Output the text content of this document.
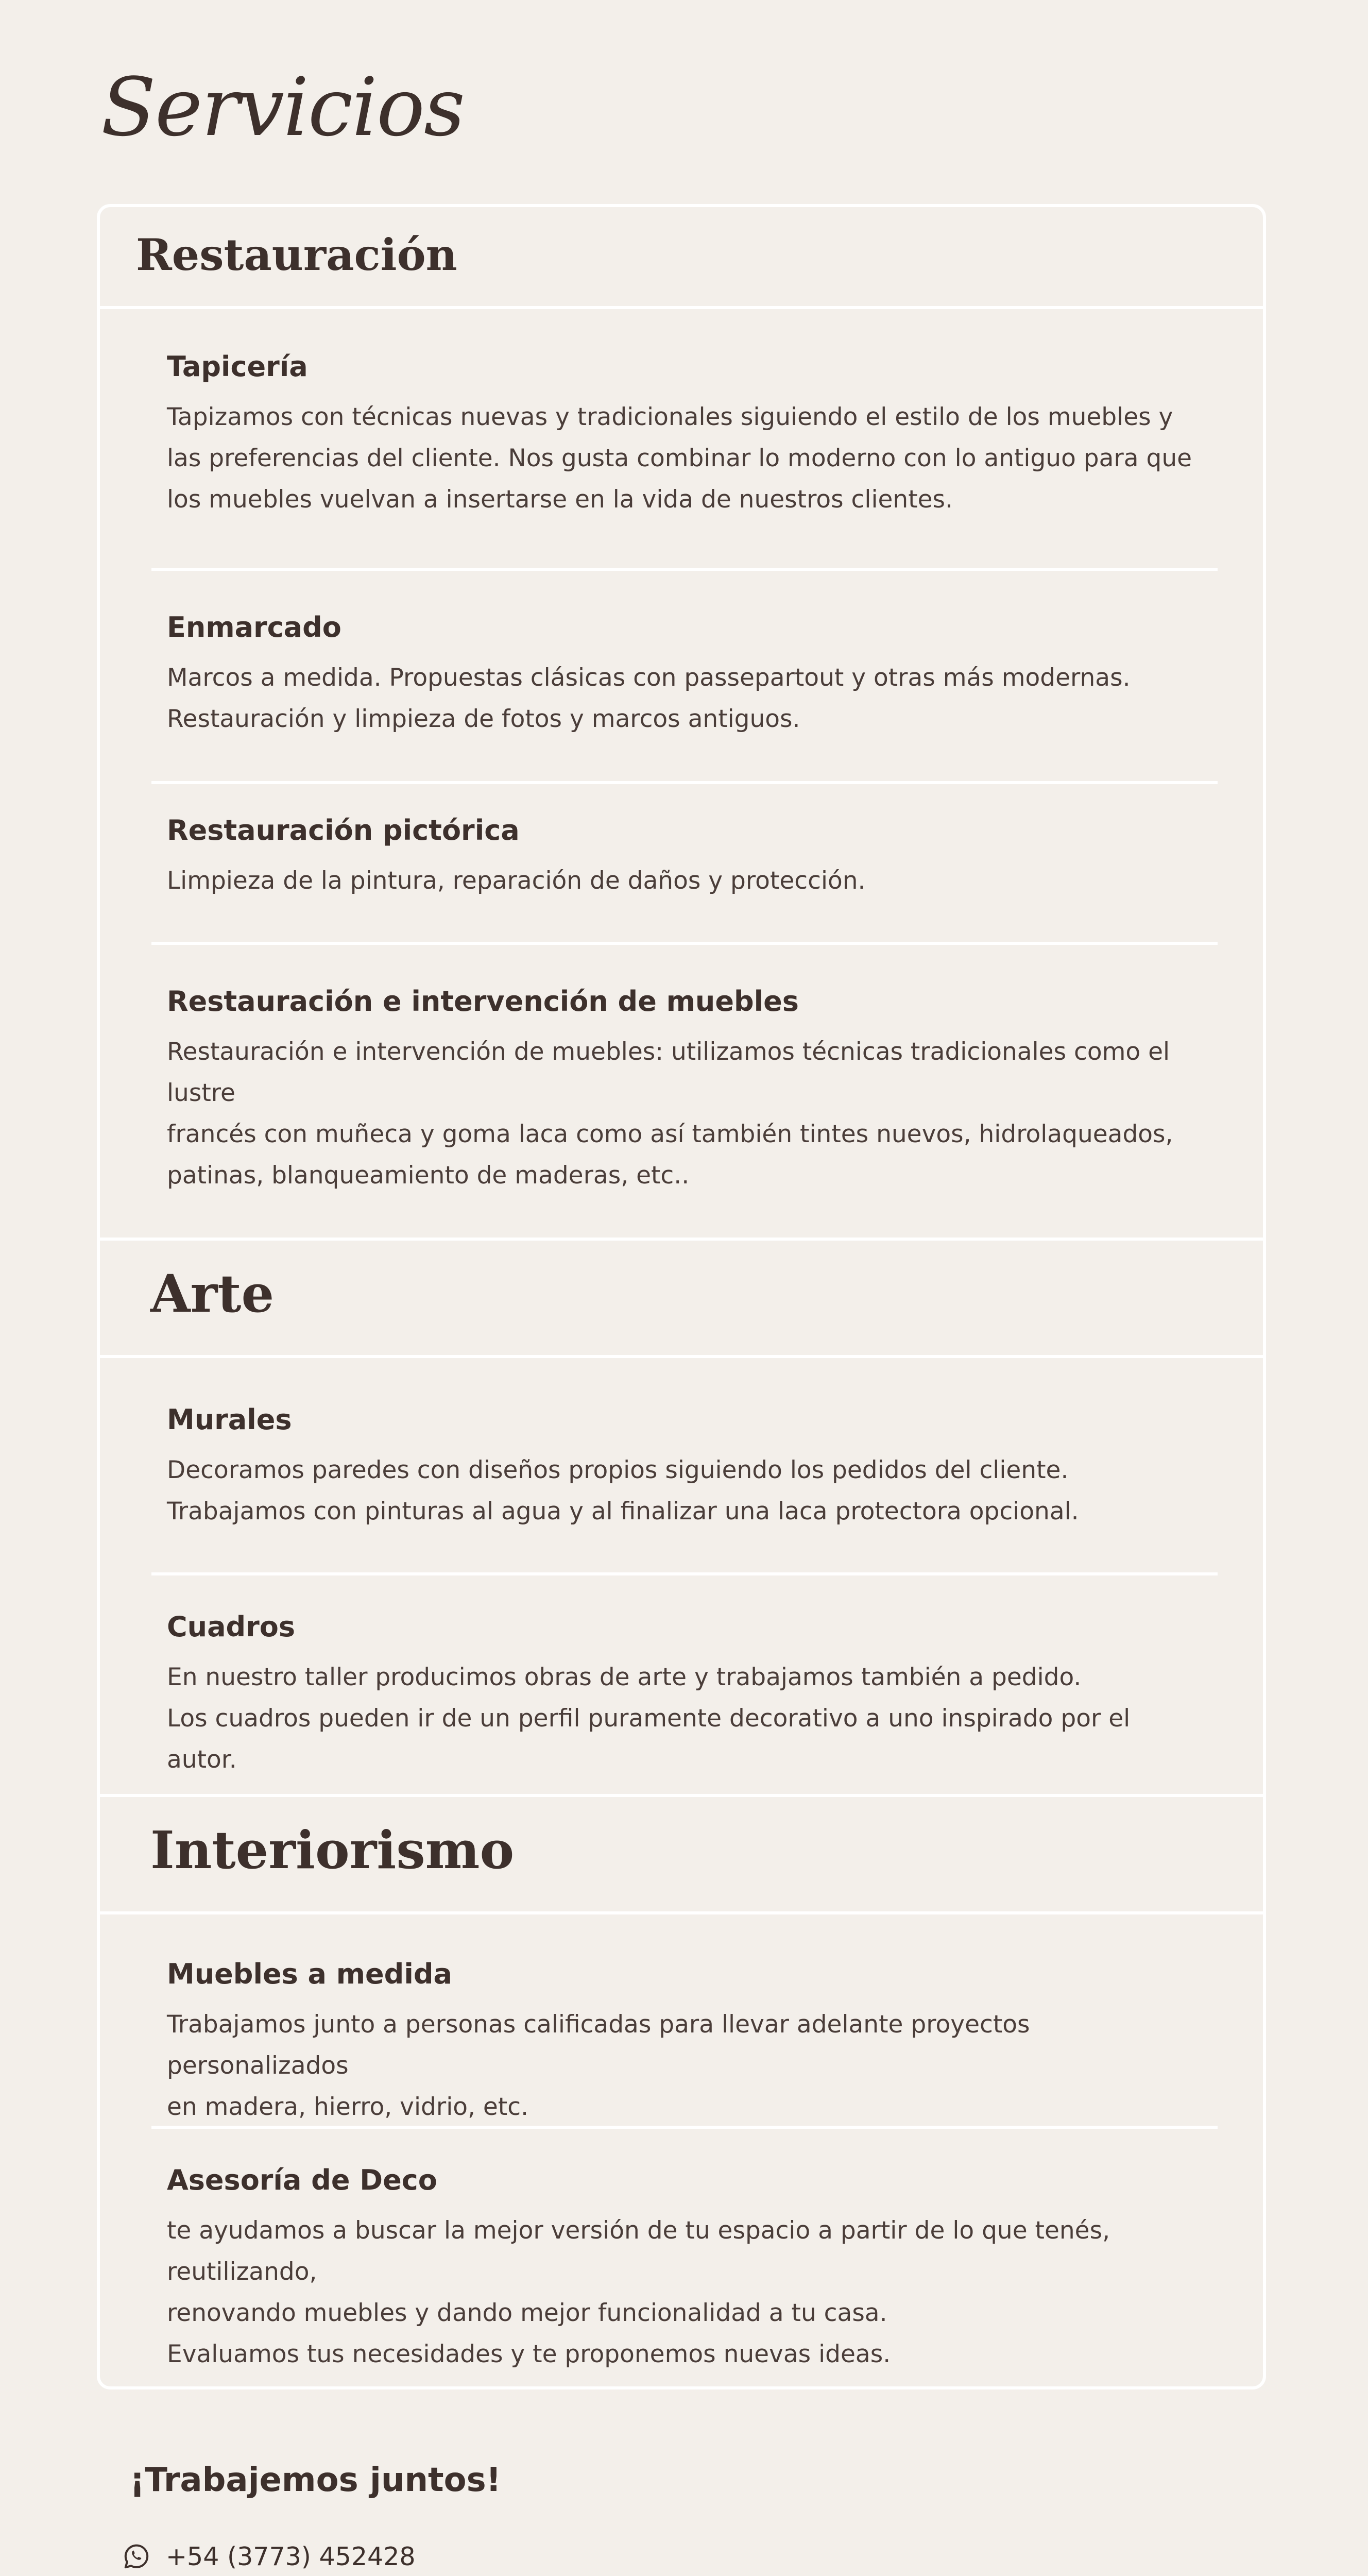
Servicios
Restauración
Tapicería

Tapizamos con técnicas nuevas y tradicionales siguiendo el estilo de los muebles y
las preferencias del cliente. Nos gusta combinar lo moderno con lo antiguo para que
los muebles vuelvan a insertarse en la vida de nuestros clientes.

Enmarcado

Marcos a medida. Propuestas clásicas con passepartout y otras más modernas.
Restauración y limpieza de fotos y marcos antiguos.

Restauración pictórica

Limpieza de la pintura, reparación de daños y protección.

Restauración e intervención de muebles

Restauración e intervención de muebles: utilizamos técnicas tradicionales como el lustre
francés con muñeca y goma laca como así también tintes nuevos, hidrolaqueados,
patinas, blanqueamiento de maderas, etc..

Arte
Murales

Decoramos paredes con diseños propios siguiendo los pedidos del cliente.
Trabajamos con pinturas al agua y al finalizar una laca protectora opcional.

Cuadros

En nuestro taller producimos obras de arte y trabajamos también a pedido.
Los cuadros pueden ir de un perfil puramente decorativo a uno inspirado por el autor.

Interiorismo
Muebles a medida

Trabajamos junto a personas calificadas para llevar adelante proyectos personalizados
en madera, hierro, vidrio, etc.

Asesoría de Deco

te ayudamos a buscar la mejor versión de tu espacio a partir de lo que tenés, reutilizando,
renovando muebles y dando mejor funcionalidad a tu casa.
Evaluamos tus necesidades y te proponemos nuevas ideas.

¡Trabajemos juntos!
+54 (3773) 452428
